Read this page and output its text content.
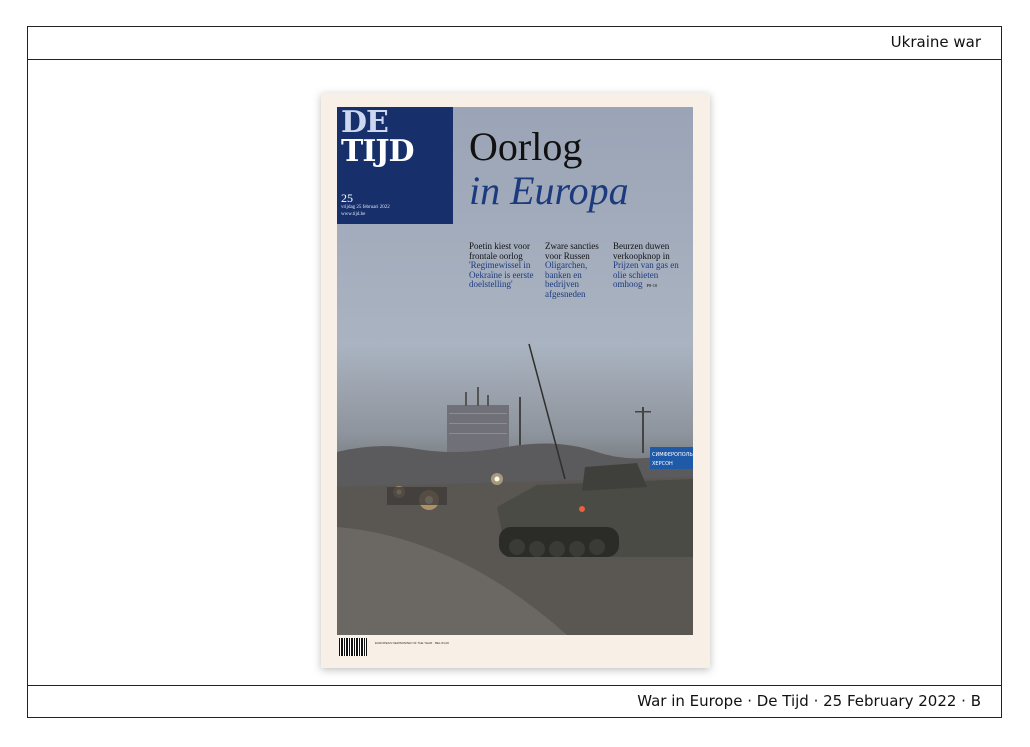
Ukraine war
War in Europe · De Tijd · 25 February 2022 · B
СИМФЕРОПОЛЬ
ХЕРСОН
DE
TIJD
25
vrijdag 25 februari 2022
www.tijd.be
Oorlog
in Europa
Poetin kiest voor frontale oorlog
'Regimewissel in Oekraïne is eerste doelstelling'
Zware sancties voor Russen
Oligarchen, banken en bedrijven afgesneden
Beurzen duwen verkoopknop in
Prijzen van gas en olie schieten omhoog P8-10
EUROPEAN NEWSPAPER OF THE YEAR · BEL €3,00
